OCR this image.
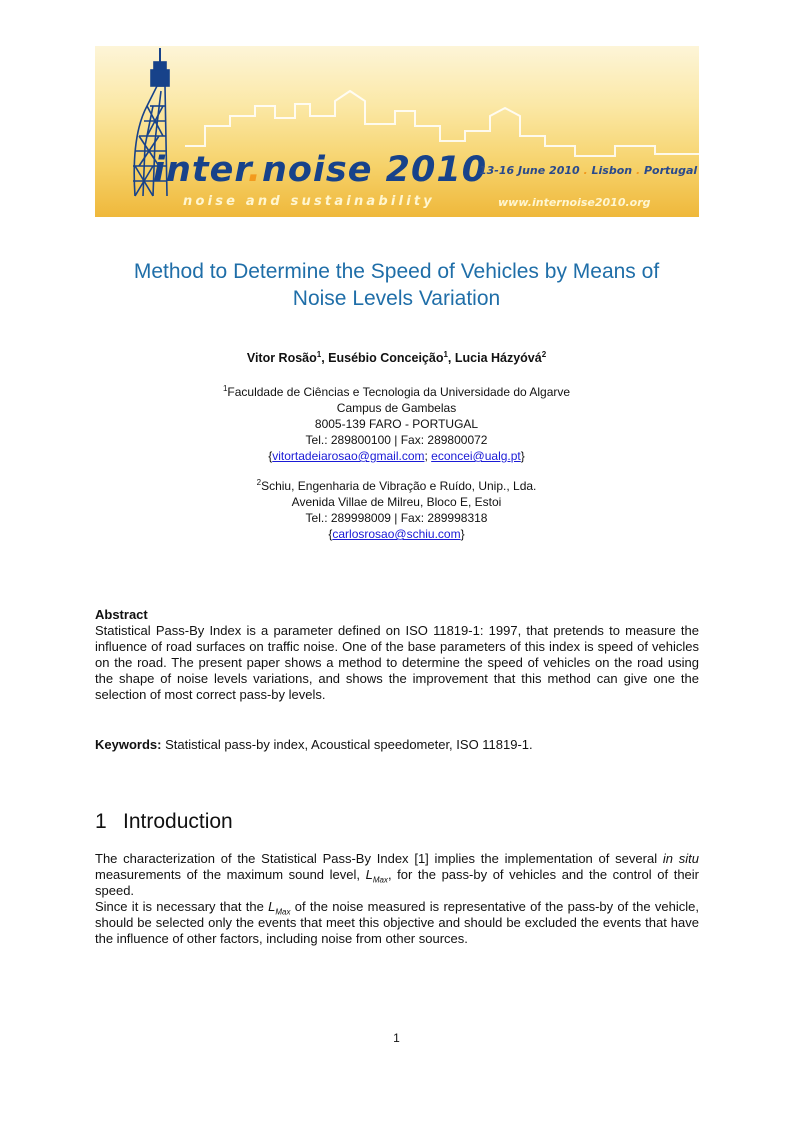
inter.noise 2010
noise and sustainability
13-16 June 2010 . Lisbon . Portugal
www.internoise2010.org
Method to Determine the Speed of Vehicles by Means of
Noise Levels Variation
Vitor Rosão$^1$, Eusébio Conceição$^1$, Lucia Házyóvá$^2$
$^1$Faculdade de Ciências e Tecnologia da Universidade do Algarve
Campus de Gambelas
8005-139 FARO - PORTUGAL
Tel.: 289800100 | Fax: 289800072
{vitortadeiarosao@gmail.com; econcei@ualg.pt}
$^2$Schiu, Engenharia de Vibração e Ruído, Unip., Lda.
Avenida Villae de Milreu, Bloco E, Estoi
Tel.: 289998009 | Fax: 289998318
{carlosrosao@schiu.com}
Abstract
Statistical Pass-By Index is a parameter defined on ISO 11819-1: 1997, that pretends to measure the influence of road surfaces on traffic noise. One of the base parameters of this index is speed of vehicles on the road. The present paper shows a method to determine the speed of vehicles on the road using the shape of noise levels variations, and shows the improvement that this method can give one the selection of most correct pass-by levels.
Keywords: Statistical pass-by index, Acoustical speedometer, ISO 11819-1.
1 Introduction

The characterization of the Statistical Pass-By Index [1] implies the implementation of several in situ measurements of the maximum sound level, $L_{Max}$, for the pass-by of vehicles and the control of their speed.

Since it is necessary that the $L_{Max}$ of the noise measured is representative of the pass-by of the vehicle, should be selected only the events that meet this objective and should be excluded the events that have the influence of other factors, including noise from other sources.

1
